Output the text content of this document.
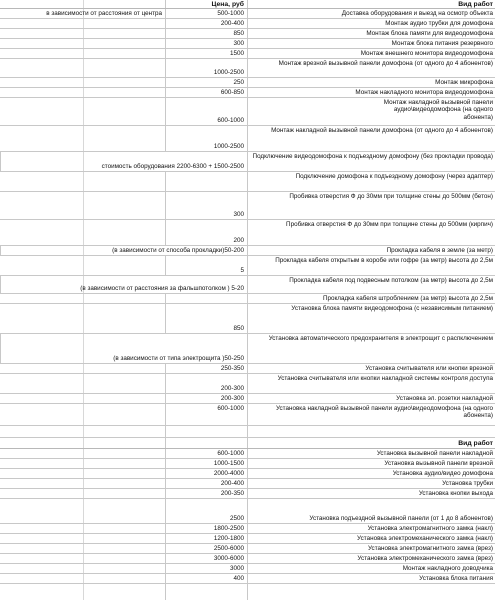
Вид работ
Цена, руб
Доставка оборудования и выезд на осмотр объекта
500-1000
в зависимости от расстояния от центра
Монтаж аудио трубки для домофона
200-400
Монтаж блока памяти для видеодомофона
850
Монтаж блока питания резервного
300
Монтаж внешнего монитора видеодомофона
1500
Монтаж врезной вызывной панели домофона (от одного до 4 абонентов)
1000-2500
Монтаж микрофона
250
Монтаж накладного монитора видеодомофона
600-850
Монтаж накладной вызывной панели аудио\видеодомофона (на одного абонента)
600-1000
Монтаж накладной вызывной панели домофона (от одного до 4 абонентов)
1000-2500
Подключение видеодомофона к подъездному домофону (без прокладки провода)
1500-2500 + стоимость оборудования 2200-6300
Подключение домофона к подъездному домофону (через адаптер)
Пробивка отверстия Ф до 30мм при толщине стены до 500мм (бетон)
300
Пробивка отверстия Ф до 30мм при толщине стены до 500мм (кирпич)
200
Прокладка кабеля в земле (за метр)
50-200(в зависимости от способа прокладки)
Прокладка кабеля открытым в коробе или гофре (за метр) высота до 2,5м
5
Прокладка кабеля под подвесным потолком (за метр) высота до 2,5м
5-20 ( в зависимости от расстояния за фальшпотолком)
Прокладка кабеля штроблением (за метр) высота до 2,5м
Установка блока памяти видеодомофона (с независимым питанием)
850
Установка автоматического предохранителя в электрощит с распключением
50-250( в зависимости от типа электрощита)
Установка считывателя или кнопки врезной
250-350
Установка считывателя или кнопки накладной системы контроля доступа
200-300
Установка эл. розетки накладной
200-300
Установка накладной вызывной панели аудио\видеодомофона (на одного абонента)
600-1000
Вид работ
Установка вызывной панели накладной
600-1000
Установка вызывной панели врезной
1000-1500
Установка аудио/видео домофона
2000-4000
Установка трубки
200-400
Установка кнопки выхода
200-350
Установка подъездной вызывной панели (от 1 до 8 абонентов)
2500
Установка электромагнитного замка (накл)
1800-2500
Установка электромеханического замка (накл)
1200-1800
Установка электромагнитного замка (врез)
2500-6000
Установка электромеханического замка (врез)
3000-6000
Монтаж накладного доводчика
3000
Установка блока питания
400
